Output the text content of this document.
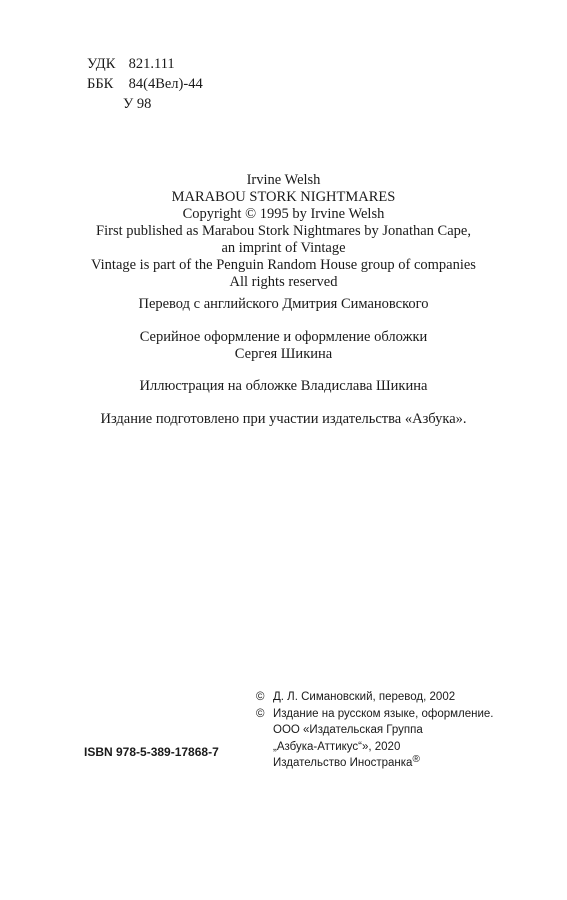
УДК 821.111
ББК 84(4Вел)-44
У 98
Irvine Welsh
MARABOU STORK NIGHTMARES
Copyright © 1995 by Irvine Welsh
First published as Marabou Stork Nightmares by Jonathan Cape,
an imprint of Vintage
Vintage is part of the Penguin Random House group of companies
All rights reserved
Перевод с английского Дмитрия Симановского
Серийное оформление и оформление обложки
Сергея Шикина
Иллюстрация на обложке Владислава Шикина
Издание подготовлено при участии издательства «Азбука».
ISBN 978-5-389-17868-7
© Д. Л. Симановский, перевод, 2002
© Издание на русском языке, оформление.
ООО «Издательская Группа
„Азбука-Аттикус“», 2020
Издательство Иностранка®
